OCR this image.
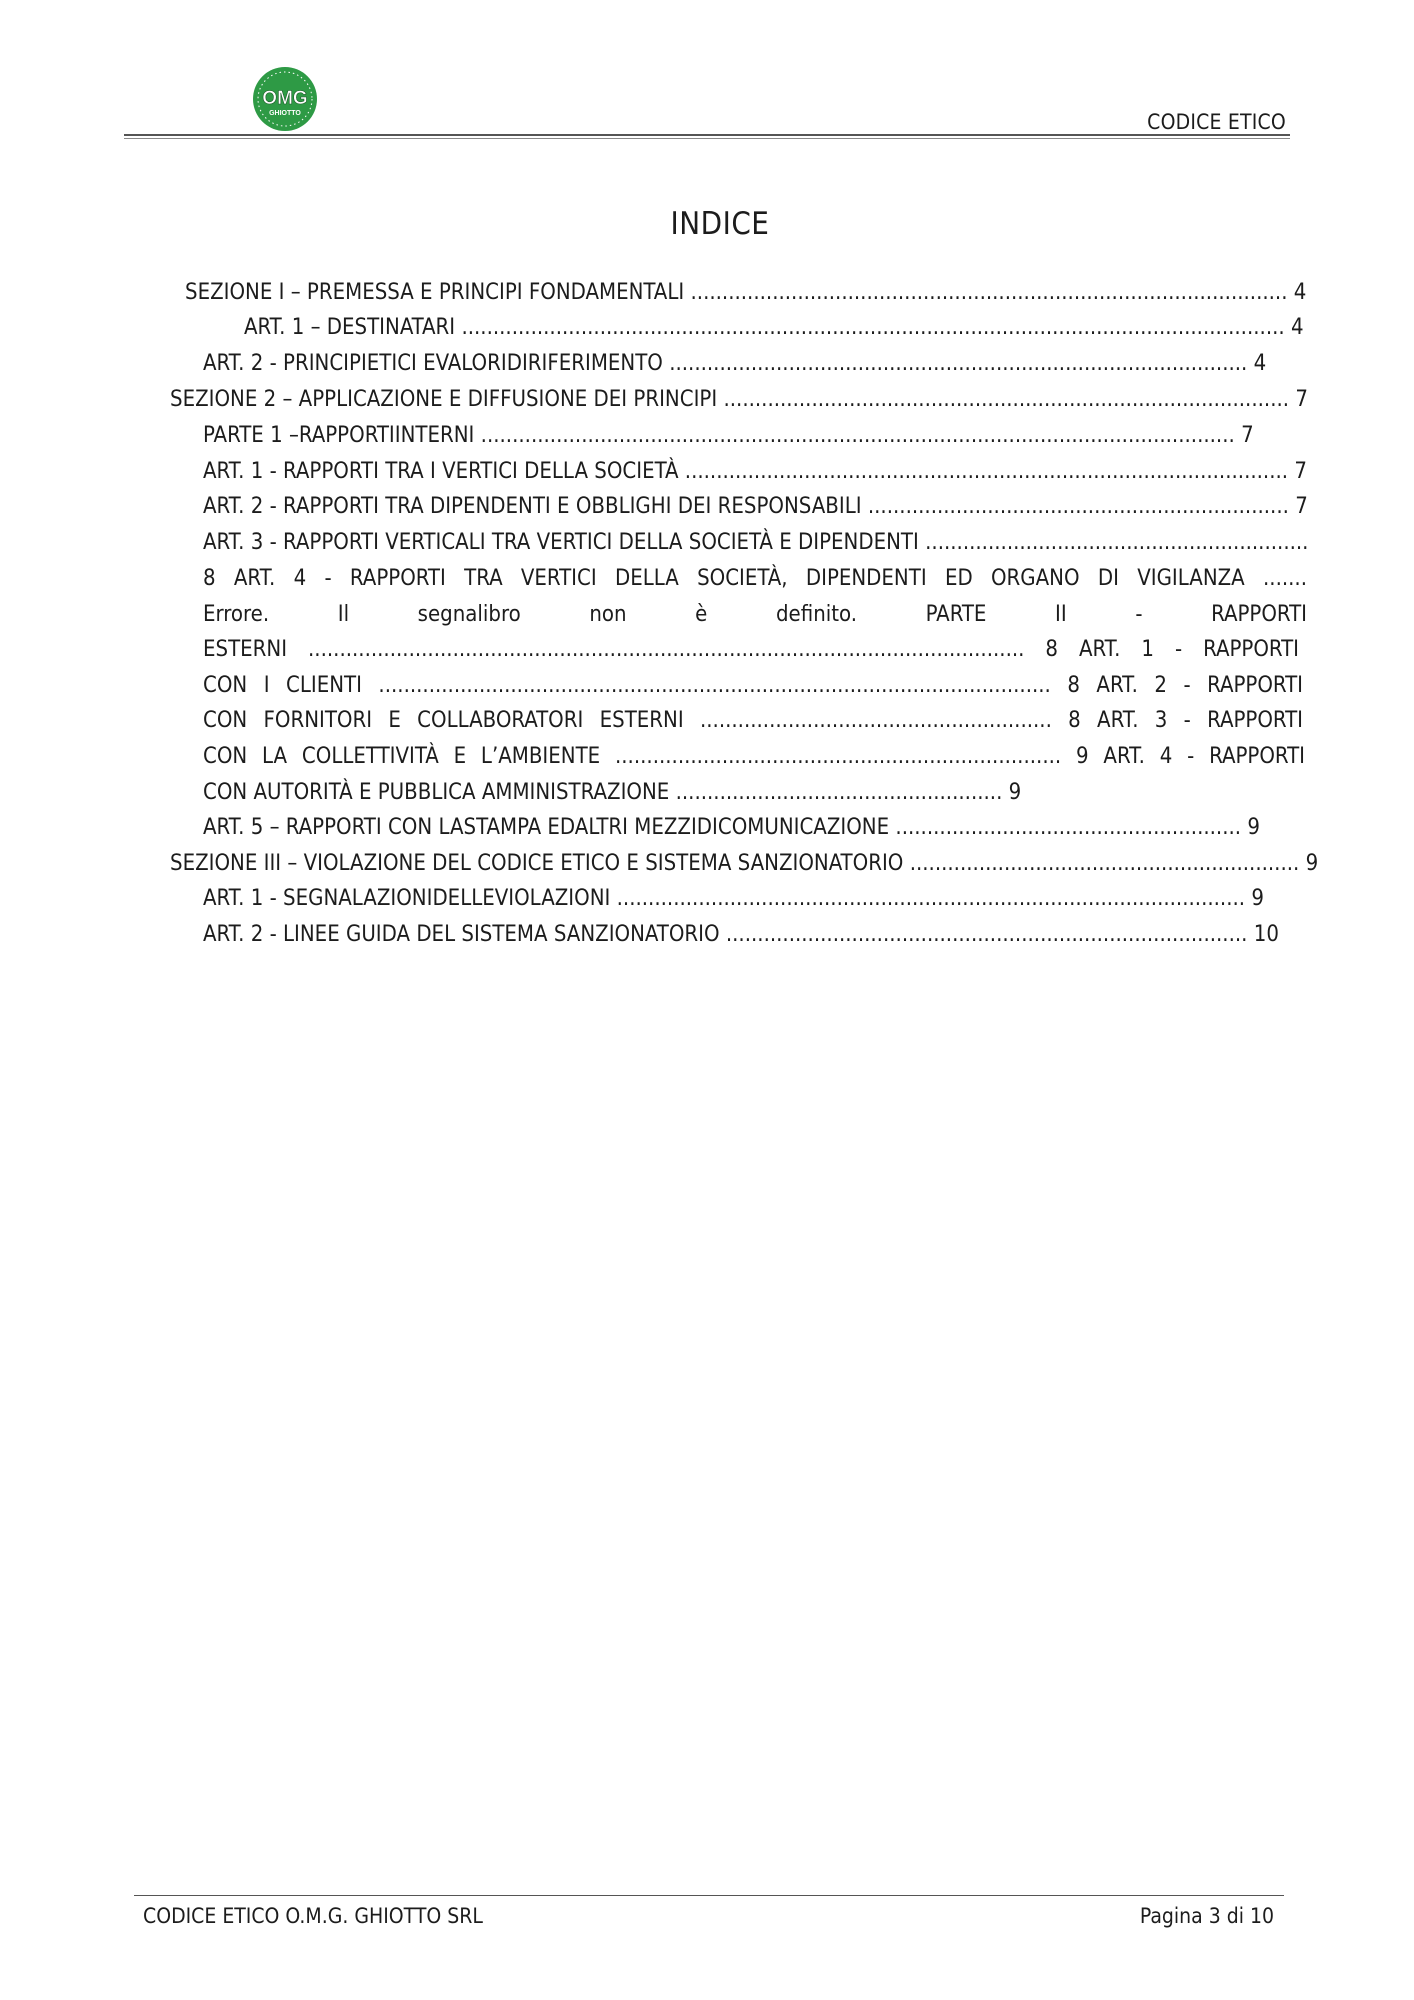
OMG
GHIOTTO	CODICE ETICO
INDICE
SEZIONE I – PREMESSA E PRINCIPI FONDAMENTALI ............................................................................................... 4
ART. 1 – DESTINATARI ................................................................................................................................... 4
ART. 2 - PRINCIPIETICI EVALORIDIRIFERIMENTO ............................................................................................ 4
SEZIONE 2 – APPLICAZIONE E DIFFUSIONE DEI PRINCIPI .......................................................................................... 7
PARTE 1 –RAPPORTIINTERNI ........................................................................................................................ 7
ART. 1 - RAPPORTI TRA I VERTICI DELLA SOCIETÀ ................................................................................................ 7
ART. 2 - RAPPORTI TRA DIPENDENTI E OBBLIGHI DEI RESPONSABILI ................................................................... 7
ART. 3 - RAPPORTI VERTICALI TRA VERTICI DELLA SOCIETÀ E DIPENDENTI .............................................................
8 ART. 4 - RAPPORTI TRA VERTICI DELLA SOCIETÀ, DIPENDENTI ED ORGANO DI VIGILANZA .......
Errore. Il segnalibro non è definito. PARTE II - RAPPORTI
ESTERNI .................................................................................................................. 8 ART. 1 - RAPPORTI
CON I CLIENTI ........................................................................................................... 8 ART. 2 - RAPPORTI
CON FORNITORI E COLLABORATORI ESTERNI ........................................................ 8 ART. 3 - RAPPORTI
CON LA COLLETTIVITÀ E L’AMBIENTE ....................................................................... 9 ART. 4 - RAPPORTI
CON AUTORITÀ E PUBBLICA AMMINISTRAZIONE .................................................... 9
ART. 5 – RAPPORTI CON LASTAMPA EDALTRI MEZZIDICOMUNICAZIONE ....................................................... 9
SEZIONE III – VIOLAZIONE DEL CODICE ETICO E SISTEMA SANZIONATORIO .............................................................. 9
ART. 1 - SEGNALAZIONIDELLEVIOLAZIONI .................................................................................................... 9
ART. 2 - LINEE GUIDA DEL SISTEMA SANZIONATORIO ................................................................................... 10
CODICE ETICO O.M.G. GHIOTTO SRL	Pagina 3 di 10
